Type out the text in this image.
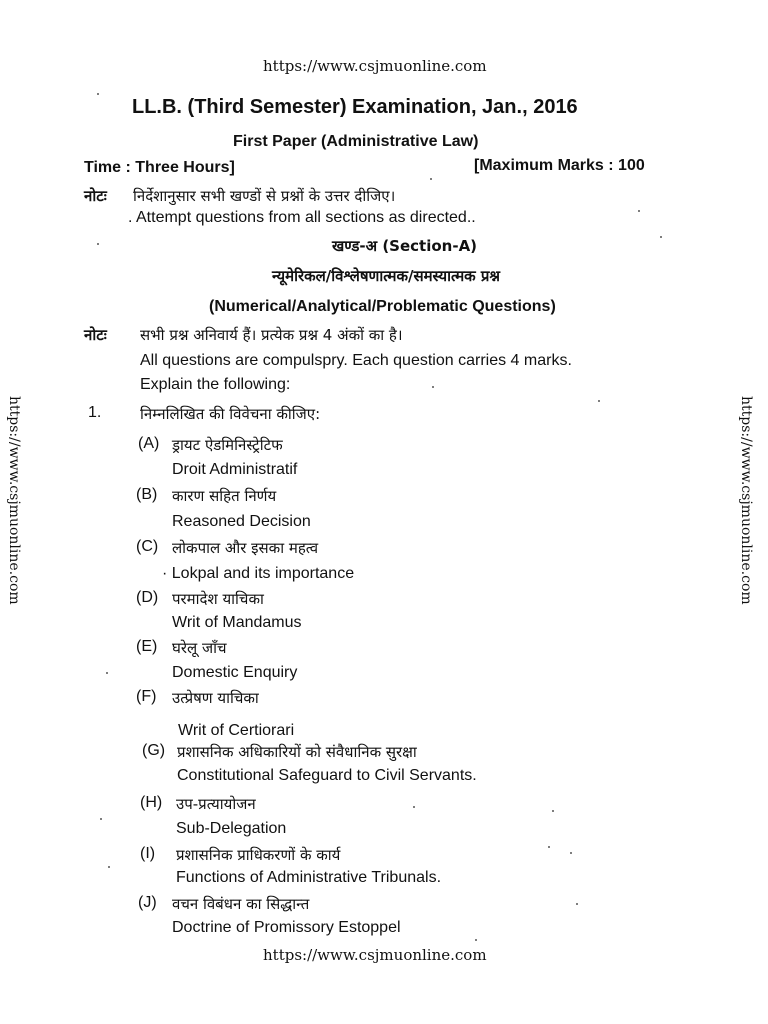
https://www.csjmuonline.com
https://www.csjmuonline.com	https://www.csjmuonline.com
LL.B. (Third Semester) Examination, Jan., 2016
First Paper (Administrative Law)
Time : Three Hours]	[Maximum Marks : 100
नोटः निर्देशानुसार सभी खण्डों से प्रश्नों के उत्तर दीजिए।
. Attempt questions from all sections as directed..
खण्ड-अ (Section-A)
न्यूमेरिकल/विश्लेषणात्मक/समस्यात्मक प्रश्न
(Numerical/Analytical/Problematic Questions)
नोटः सभी प्रश्न अनिवार्य हैं। प्रत्येक प्रश्न 4 अंकों का है।
All questions are compulspry. Each question carries 4 marks.
Explain the following:
1.	निम्नलिखित की विवेचना कीजिए:
(A) ड्रायट ऐडमिनिस्ट्रेटिफ
Droit Administratif
(B) कारण सहित निर्णय
Reasoned Decision
(C) लोकपाल और इसका महत्व
· Lokpal and its importance
(D) परमादेश याचिका
Writ of Mandamus
(E) घरेलू जाँच
Domestic Enquiry
(F) उत्प्रेषण याचिका
Writ of Certiorari
(G) प्रशासनिक अधिकारियों को संवैधानिक सुरक्षा
Constitutional Safeguard to Civil Servants.
(H) उप-प्रत्यायोजन
Sub-Delegation
(I) प्रशासनिक प्राधिकरणों के कार्य
Functions of Administrative Tribunals.
(J) वचन विबंधन का सिद्धान्त
Doctrine of Promissory Estoppel
https://www.csjmuonline.com
